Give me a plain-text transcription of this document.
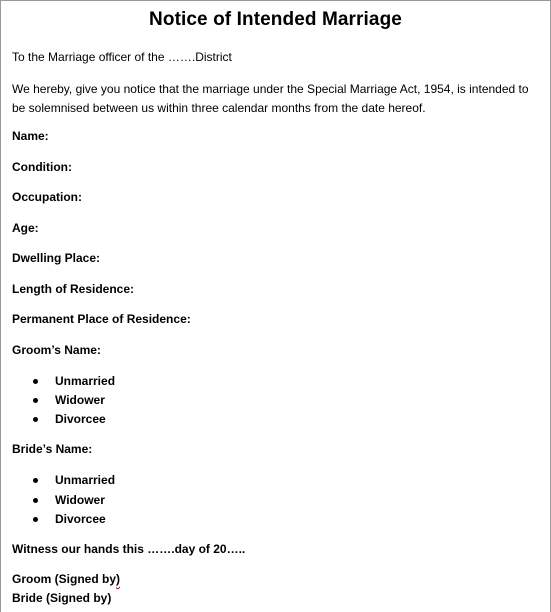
Notice of Intended Marriage
To the Marriage officer of the …….District
We hereby, give you notice that the marriage under the Special Marriage Act, 1954, is intended to be solemnised between us within three calendar months from the date hereof.
Name:
Condition:
Occupation:
Age:
Dwelling Place:
Length of Residence:
Permanent Place of Residence:
Groom’s Name:
Unmarried
Widower
Divorcee
Bride’s Name:
Unmarried
Widower
Divorcee
Witness our hands this …….day of 20…..
Groom (Signed by)
Bride (Signed by)
